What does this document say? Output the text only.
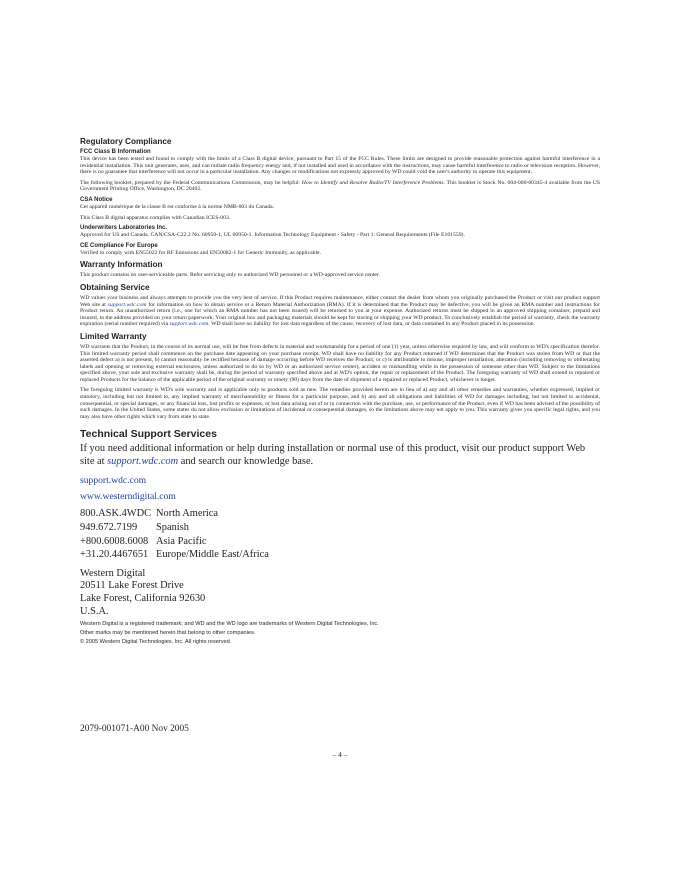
Regulatory Compliance
FCC Class B Information

This device has been tested and found to comply with the limits of a Class B digital device, pursuant to Part 15 of the FCC Rules. These limits are designed to provide reasonable protection against harmful interference in a residential installation. This unit generates, uses, and can radiate radio frequency energy and, if not installed and used in accordance with the instructions, may cause harmful interference to radio or television reception. However, there is no guarantee that interference will not occur in a particular installation. Any changes or modifications not expressly approved by WD could void the user's authority to operate this equipment.

The following booklet, prepared by the Federal Communications Commission, may be helpful: How to Identify and Resolve Radio/TV Interference Problems. This booklet is Stock No. 004-000-00345-4 available from the US Government Printing Office, Washington, DC 20402.

CSA Notice

Cet appareil numérique de la classe B est conforme à la norme NMB-003 du Canada.

This Class B digital apparatus complies with Canadian ICES-003.

Underwriters Laboratories Inc.

Approved for US and Canada. CAN/CSA-C22.2 No. 60950-1, UL 60950-1. Information Technology Equipment - Safety - Part 1: General Requirements (File E101559).

CE Compliance For Europe

Verified to comply with EN55022 for RF Emissions and EN50082-1 for Generic Immunity, as applicable.

Warranty Information

This product contains no user-serviceable parts. Refer servicing only to authorized WD personnel or a WD-approved service center.

Obtaining Service

WD values your business and always attempts to provide you the very best of service. If this Product requires maintenance, either contact the dealer from whom you originally purchased the Product or visit our product support Web site at support.wdc.com for information on how to obtain service or a Return Material Authorization (RMA). If it is determined that the Product may be defective, you will be given an RMA number and instructions for Product return. An unauthorized return (i.e., one for which an RMA number has not been issued) will be returned to you at your expense. Authorized returns must be shipped in an approved shipping container, prepaid and insured, to the address provided on your return paperwork. Your original box and packaging materials should be kept for storing or shipping your WD product. To conclusively establish the period of warranty, check the warranty expiration (serial number required) via support.wdc.com. WD shall have no liability for lost data regardless of the cause, recovery of lost data, or data contained in any Product placed in its possession.

Limited Warranty

WD warrants that the Product, in the course of its normal use, will be free from defects in material and workmanship for a period of one (1) year, unless otherwise required by law, and will conform to WD's specification therefor. This limited warranty period shall commence on the purchase date appearing on your purchase receipt. WD shall have no liability for any Product returned if WD determines that the Product was stolen from WD or that the asserted defect a) is not present, b) cannot reasonably be rectified because of damage occurring before WD receives the Product, or c) is attributable to misuse, improper installation, alteration (including removing or obliterating labels and opening or removing external enclosures, unless authorized to do so by WD or an authorized service center), accident or mishandling while in the possession of someone other than WD. Subject to the limitations specified above, your sole and exclusive warranty shall be, during the period of warranty specified above and at WD's option, the repair or replacement of the Product. The foregoing warranty of WD shall extend to repaired or replaced Products for the balance of the applicable period of the original warranty or ninety (90) days from the date of shipment of a repaired or replaced Product, whichever is longer.

The foregoing limited warranty is WD's sole warranty and is applicable only to products sold as new. The remedies provided herein are in lieu of a) any and all other remedies and warranties, whether expressed, implied or statutory, including but not limited to, any implied warranty of merchantability or fitness for a particular purpose, and b) any and all obligations and liabilities of WD for damages including, but not limited to accidental, consequential, or special damages, or any financial loss, lost profits or expenses, or lost data arising out of or in connection with the purchase, use, or performance of the Product, even if WD has been advised of the possibility of such damages. In the United States, some states do not allow exclusion or limitations of incidental or consequential damages, so the limitations above may not apply to you. This warranty gives you specific legal rights, and you may also have other rights which vary from state to state.

Technical Support Services

If you need additional information or help during installation or normal use of this product, visit our product support Web site at support.wdc.com and search our knowledge base.

support.wdc.com
www.westerndigital.com
800.ASK.4WDC North America
949.672.7199	Spanish
+800.6008.6008 Asia Pacific
+31.20.4467651 Europe/Middle East/Africa
Western Digital
20511 Lake Forest Drive
Lake Forest, California 92630
U.S.A.
Western Digital is a registered trademark; and WD and the WD logo are trademarks of Western Digital Technologies, Inc.
Other marks may be mentioned herein that belong to other companies.
© 2005 Western Digital Technologies, Inc. All rights reserved.
2079-001071-A00 Nov 2005
– 4 –
